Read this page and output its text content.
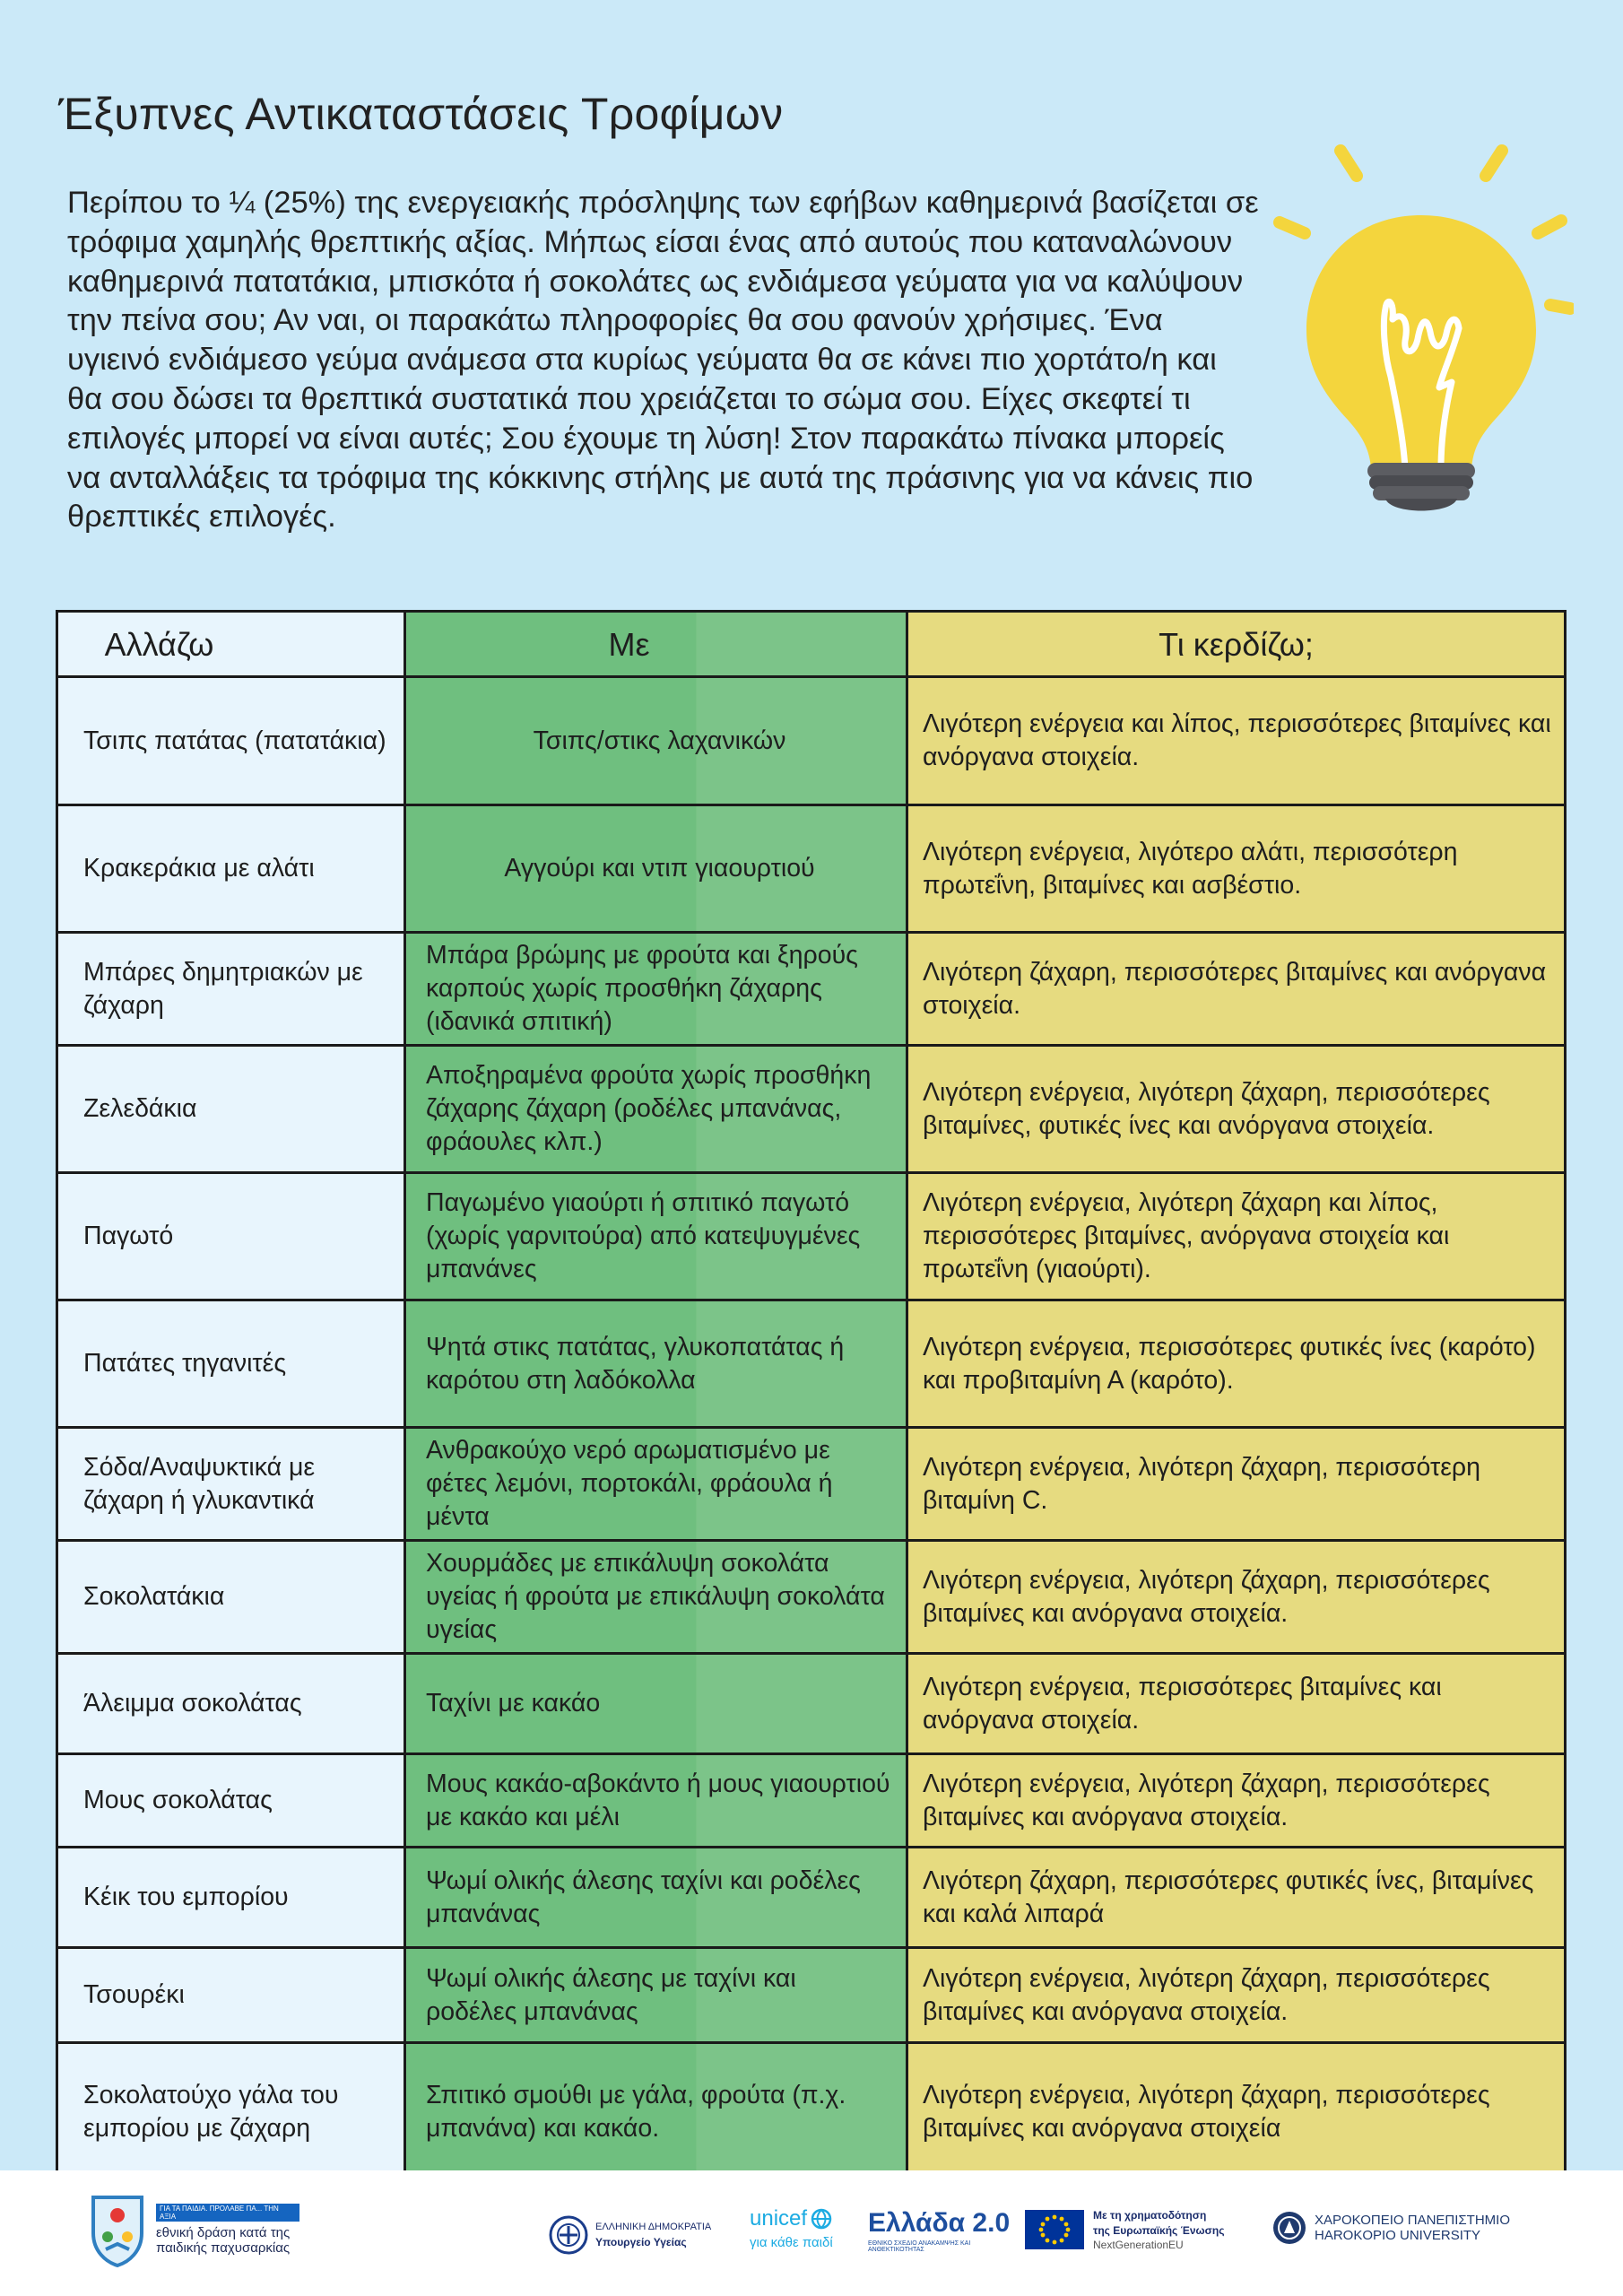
Έξυπνες Αντικαταστάσεις Τροφίμων

Περίπου το ¼ (25%) της ενεργειακής πρόσληψης των εφήβων καθημερινά βασίζεται σε τρόφιμα χαμηλής θρεπτικής αξίας. Μήπως είσαι ένας από αυτούς που καταναλώνουν καθημερινά πατατάκια, μπισκότα ή σοκολάτες ως ενδιάμεσα γεύματα για να καλύψουν την πείνα σου; Αν ναι, οι παρακάτω πληροφορίες θα σου φανούν χρήσιμες. Ένα υγιεινό ενδιάμεσο γεύμα ανάμεσα στα κυρίως γεύματα θα σε κάνει πιο χορτάτο/η και θα σου δώσει τα θρεπτικά συστατικά που χρειάζεται το σώμα σου. Είχες σκεφτεί τι επιλογές μπορεί να είναι αυτές; Σου έχουμε τη λύση! Στον παρακάτω πίνακα μπορείς να ανταλλάξεις τα τρόφιμα της κόκκινης στήλης με αυτά της πράσινης για να κάνεις πιο θρεπτικές επιλογές.

Αλλάζω	Με	Τι κερδίζω;
Τσιπς πατάτας (πατατάκια)	Τσιπς/στικς λαχανικών	Λιγότερη ενέργεια και λίπος, περισσότερες βιταμίνες και ανόργανα στοιχεία.
Κρακεράκια με αλάτι	Αγγούρι και ντιπ γιαουρτιού	Λιγότερη ενέργεια, λιγότερο αλάτι, περισσότερη πρωτεΐνη, βιταμίνες και ασβέστιο.
Μπάρες δημητριακών με ζάχαρη	Μπάρα βρώμης με φρούτα και ξηρούς καρπούς χωρίς προσθήκη ζάχαρης (ιδανικά σπιτική)	Λιγότερη ζάχαρη, περισσότερες βιταμίνες και ανόργανα στοιχεία.
Ζελεδάκια	Αποξηραμένα φρούτα χωρίς προσθήκη ζάχαρης ζάχαρη (ροδέλες μπανάνας, φράουλες κλπ.)	Λιγότερη ενέργεια, λιγότερη ζάχαρη, περισσότερες βιταμίνες, φυτικές ίνες και ανόργανα στοιχεία.
Παγωτό	Παγωμένο γιαούρτι ή σπιτικό παγωτό (χωρίς γαρνιτούρα) από κατεψυγμένες μπανάνες	Λιγότερη ενέργεια, λιγότερη ζάχαρη και λίπος, περισσότερες βιταμίνες, ανόργανα στοιχεία και πρωτεΐνη (γιαούρτι).
Πατάτες τηγανιτές	Ψητά στικς πατάτας, γλυκοπατάτας ή καρότου στη λαδόκολλα	Λιγότερη ενέργεια, περισσότερες φυτικές ίνες (καρότο) και προβιταμίνη Α (καρότο).
Σόδα/Αναψυκτικά με ζάχαρη ή γλυκαντικά	Ανθρακούχο νερό αρωματισμένο με φέτες λεμόνι, πορτοκάλι, φράουλα ή μέντα	Λιγότερη ενέργεια, λιγότερη ζάχαρη, περισσότερη βιταμίνη C.
Σοκολατάκια	Χουρμάδες με επικάλυψη σοκολάτα υγείας ή φρούτα με επικάλυψη σοκολάτα υγείας	Λιγότερη ενέργεια, λιγότερη ζάχαρη, περισσότερες βιταμίνες και ανόργανα στοιχεία.
Άλειμμα σοκολάτας	Ταχίνι με κακάο	Λιγότερη ενέργεια, περισσότερες βιταμίνες και ανόργανα στοιχεία.
Μους σοκολάτας	Μους κακάο-αβοκάντο ή μους γιαουρτιού με κακάο και μέλι	Λιγότερη ενέργεια, λιγότερη ζάχαρη, περισσότερες βιταμίνες και ανόργανα στοιχεία.
Κέικ του εμπορίου	Ψωμί ολικής άλεσης ταχίνι και ροδέλες μπανάνας	Λιγότερη ζάχαρη, περισσότερες φυτικές ίνες, βιταμίνες και καλά λιπαρά
Τσουρέκι	Ψωμί ολικής άλεσης με ταχίνι και ροδέλες μπανάνας	Λιγότερη ενέργεια, λιγότερη ζάχαρη, περισσότερες βιταμίνες και ανόργανα στοιχεία.
Σοκολατούχο γάλα του εμπορίου με ζάχαρη	Σπιτικό σμούθι με γάλα, φρούτα (π.χ. μπανάνα) και κακάο.	Λιγότερη ενέργεια, λιγότερη ζάχαρη, περισσότερες βιταμίνες και ανόργανα στοιχεία
ΓΙΑ ΤΑ ΠΑΙΔΙΑ. ΠΡΟΛΑΒΕ ΠΑ... ΤΗΝ ΑΞΙΑ
εθνική δράση κατά της παιδικής παχυσαρκίας
ΕΛΛΗΝΙΚΗ ΔΗΜΟΚΡΑΤΙΑ
Υπουργείο Υγείας
unicef
για κάθε παιδί
Ελλάδα 2.0
ΕΘΝΙΚΟ ΣΧΕΔΙΟ ΑΝΑΚΑΜΨΗΣ ΚΑΙ ΑΝΘΕΚΤΙΚΟΤΗΤΑΣ
Με τη χρηματοδότηση
της Ευρωπαϊκής Ένωσης
NextGenerationEU
ΧΑΡΟΚΟΠΕΙΟ ΠΑΝΕΠΙΣΤΗΜΙΟ
HAROKOPIO UNIVERSITY
